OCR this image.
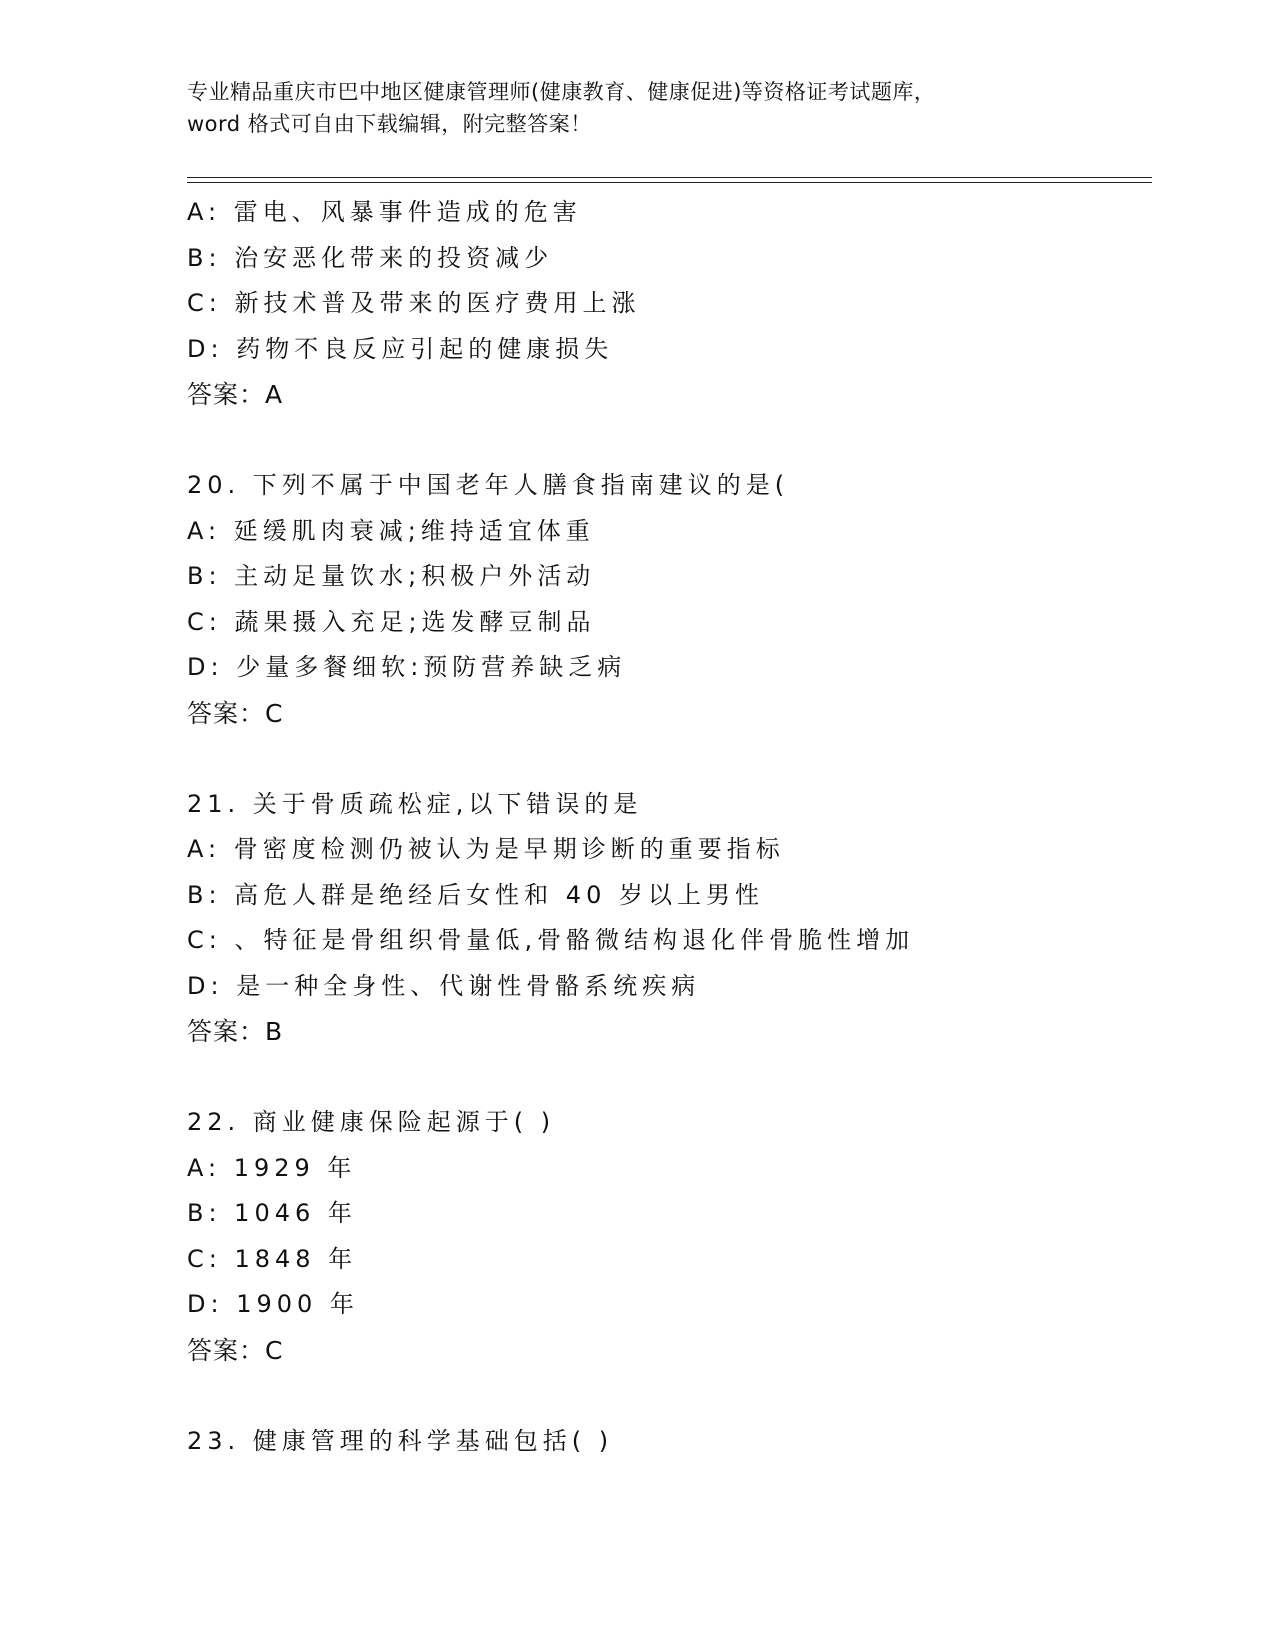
专业精品重庆市巴中地区健康管理师(健康教育、健康促进)等资格证考试题库，
word 格式可自由下载编辑，附完整答案！
A: 雷电、风暴事件造成的危害
B: 治安恶化带来的投资减少
C: 新技术普及带来的医疗费用上涨
D: 药物不良反应引起的健康损失
答案：A
20. 下列不属于中国老年人膳食指南建议的是(
A: 延缓肌肉衰减;维持适宜体重
B: 主动足量饮水;积极户外活动
C: 蔬果摄入充足;选发酵豆制品
D: 少量多餐细软:预防营养缺乏病
答案：C
21. 关于骨质疏松症,以下错误的是
A: 骨密度检测仍被认为是早期诊断的重要指标
B: 高危人群是绝经后女性和 40 岁以上男性
C: 、特征是骨组织骨量低,骨骼微结构退化伴骨脆性增加
D: 是一种全身性、代谢性骨骼系统疾病
答案：B
22. 商业健康保险起源于( )
A: 1929 年
B: 1046 年
C: 1848 年
D: 1900 年
答案：C
23. 健康管理的科学基础包括( )
